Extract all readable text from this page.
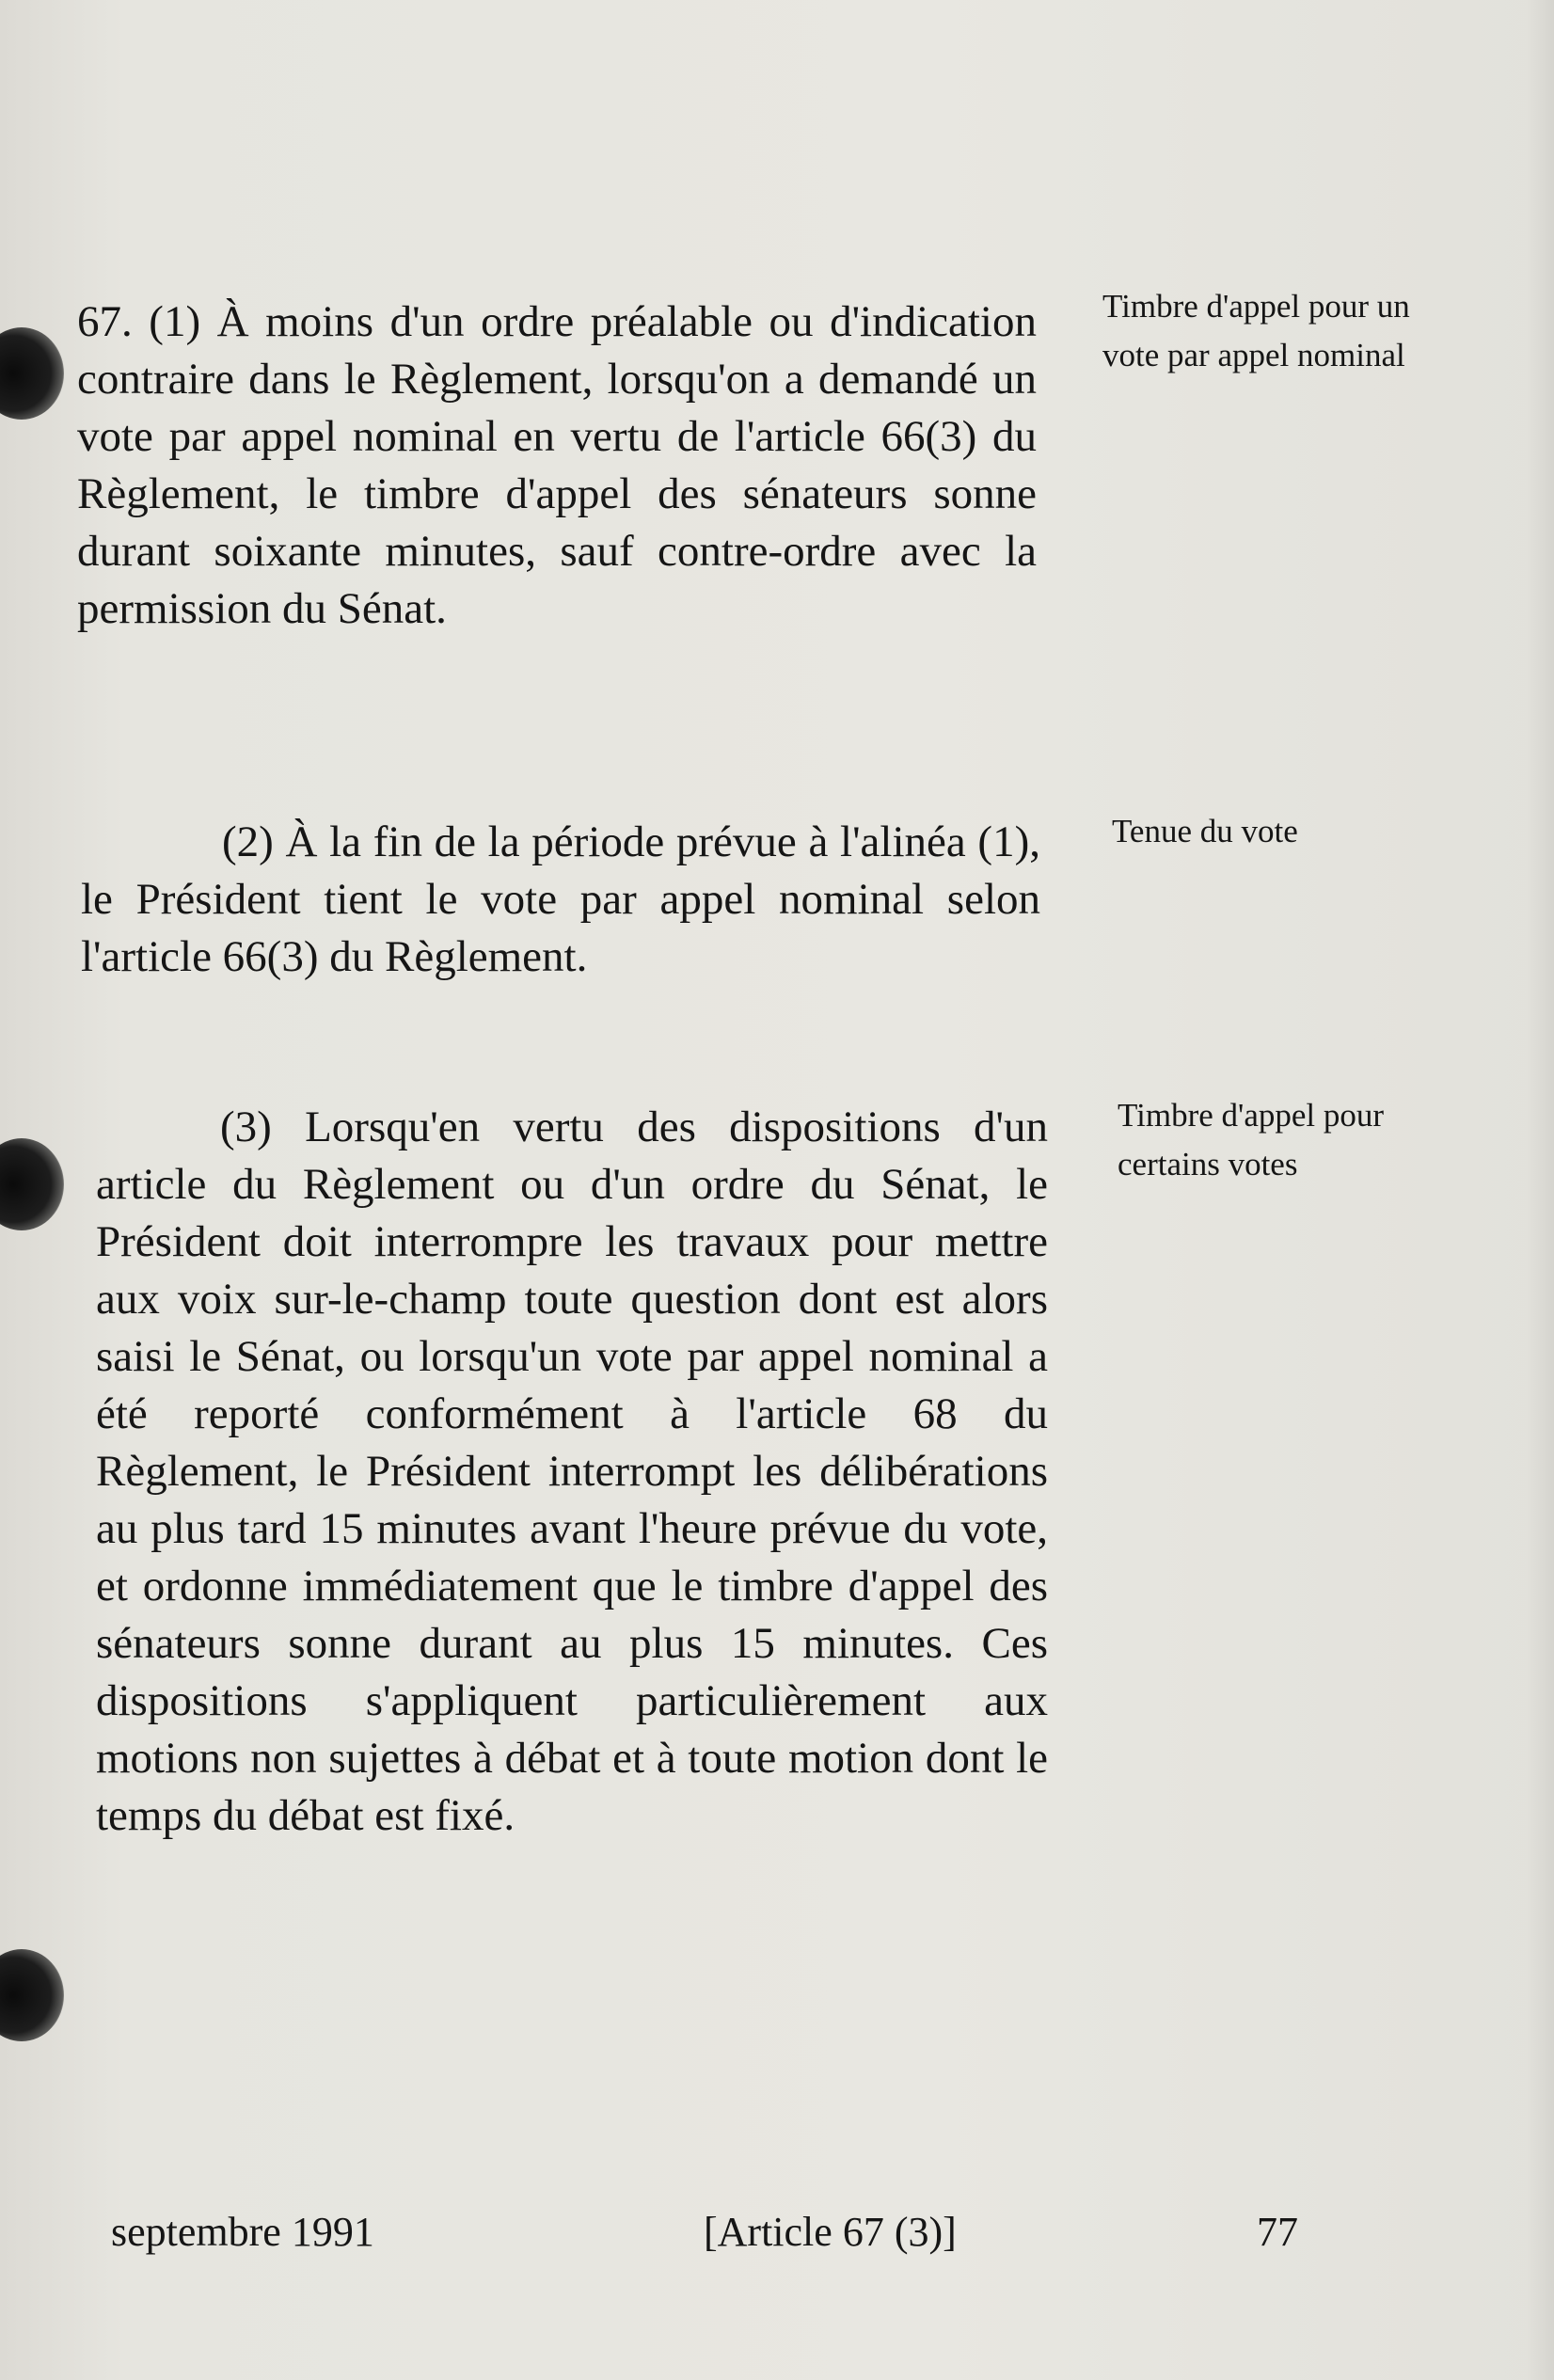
67. (1) À moins d'un ordre préalable ou d'indication contraire dans le Règlement, lorsqu'on a demandé un vote par appel nominal en vertu de l'article 66(3) du Règlement, le timbre d'appel des sénateurs sonne durant soixante minutes, sauf contre-ordre avec la permission du Sénat.

Timbre d'appel pour un vote par appel nominal

(2) À la fin de la période prévue à l'alinéa (1), le Président tient le vote par appel nominal selon l'article 66(3) du Règlement.

Tenue du vote

(3) Lorsqu'en vertu des dispositions d'un article du Règlement ou d'un ordre du Sénat, le Président doit interrompre les travaux pour mettre aux voix sur-le-champ toute question dont est alors saisi le Sénat, ou lorsqu'un vote par appel nominal a été reporté conformément à l'article 68 du Règlement, le Président interrompt les délibérations au plus tard 15 minutes avant l'heure prévue du vote, et ordonne immédiatement que le timbre d'appel des sénateurs sonne durant au plus 15 minutes. Ces dispositions s'appliquent particulièrement aux motions non sujettes à débat et à toute motion dont le temps du débat est fixé.

Timbre d'appel pour certains votes
septembre 1991	[Article 67 (3)]	77
